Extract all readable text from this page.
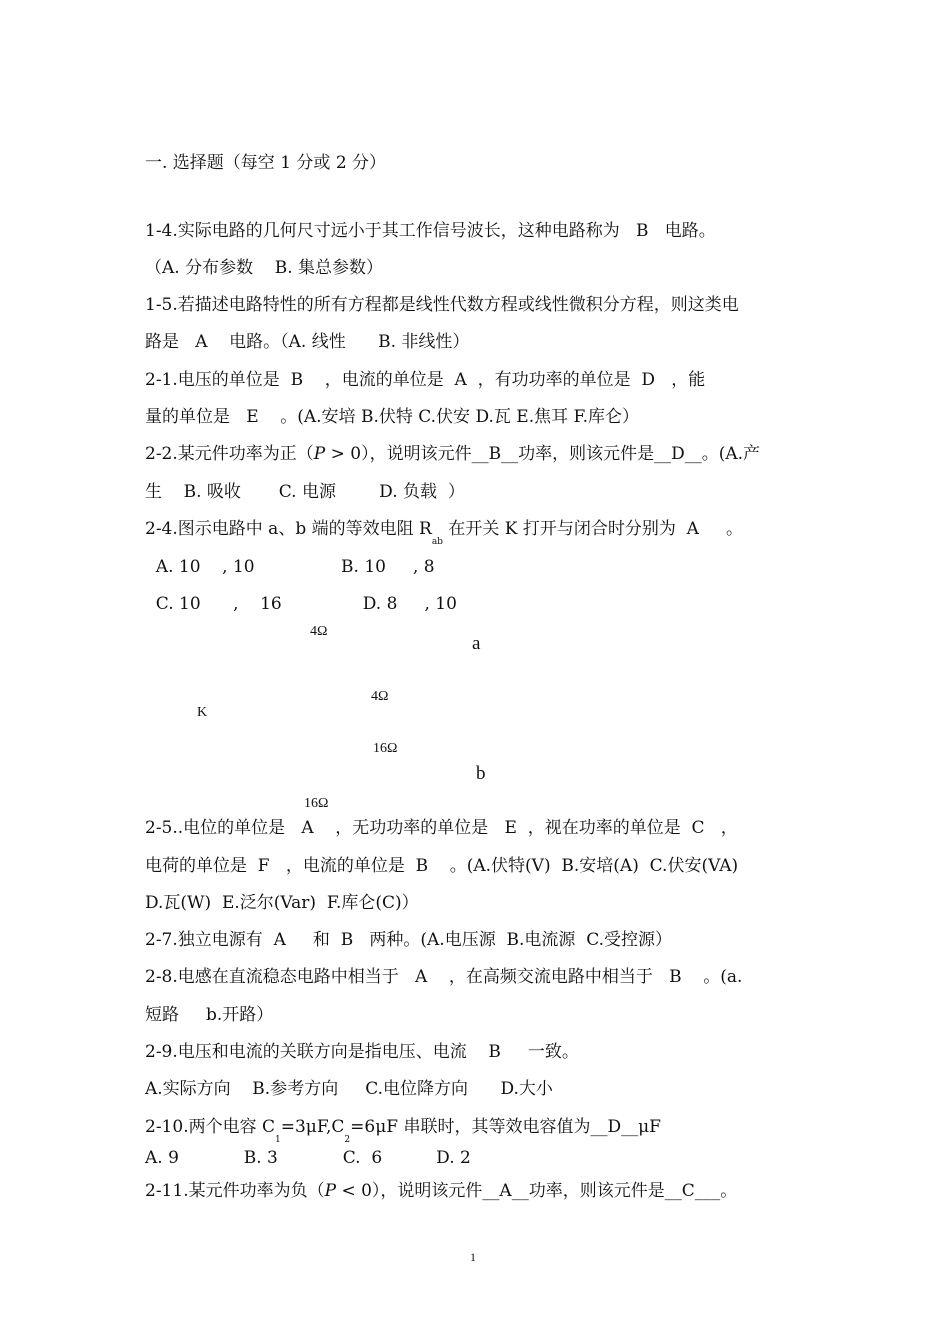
一. 选择题（每空 1 分或 2 分）
1-4.实际电路的几何尺寸远小于其工作信号波长，这种电路称为   B   电路。
（A. 分布参数    B. 集总参数）
1-5.若描述电路特性的所有方程都是线性代数方程或线性微积分方程，则这类电
路是   A    电路。（A. 线性      B. 非线性）
2-1.电压的单位是  B    ，电流的单位是  A  ，有功功率的单位是  D   ，能
量的单位是   E    。(A.安培 B.伏特 C.伏安 D.瓦 E.焦耳 F.库仑）
2-2.某元件功率为正（P > 0），说明该元件__B__功率，则该元件是__D__。(A.产
生    B. 吸收       C. 电源        D. 负载  ）
2-4.图示电路中 a、b 端的等效电阻 $R_{ab}$ 在开关 K 打开与闭合时分别为  A     。
A. 10    , 10                B. 10     , 8
C. 10      ,    16               D. 8     , 10
4Ω
a
4Ω
K
16Ω
b
16Ω
2-5..电位的单位是   A    ，无功功率的单位是   E  ，视在功率的单位是  C   ，
电荷的单位是  F   ，电流的单位是  B    。(A.伏特(V)  B.安培(A)  C.伏安(VA)
D.瓦(W)  E.泛尔(Var)  F.库仑(C)）
2-7.独立电源有  A     和  B   两种。(A.电压源  B.电流源  C.受控源）
2-8.电感在直流稳态电路中相当于   A    ，在高频交流电路中相当于   B    。(a.
短路     b.开路）
2-9.电压和电流的关联方向是指电压、电流    B     一致。
A.实际方向    B.参考方向     C.电位降方向      D.大小
2-10.两个电容 $C_1=3\mu F,C_2=6\mu F$ 串联时，其等效电容值为__D__μF
A. 9            B. 3            C.  6          D. 2
2-11.某元件功率为负（P < 0），说明该元件__A__功率，则该元件是__C___。
1
